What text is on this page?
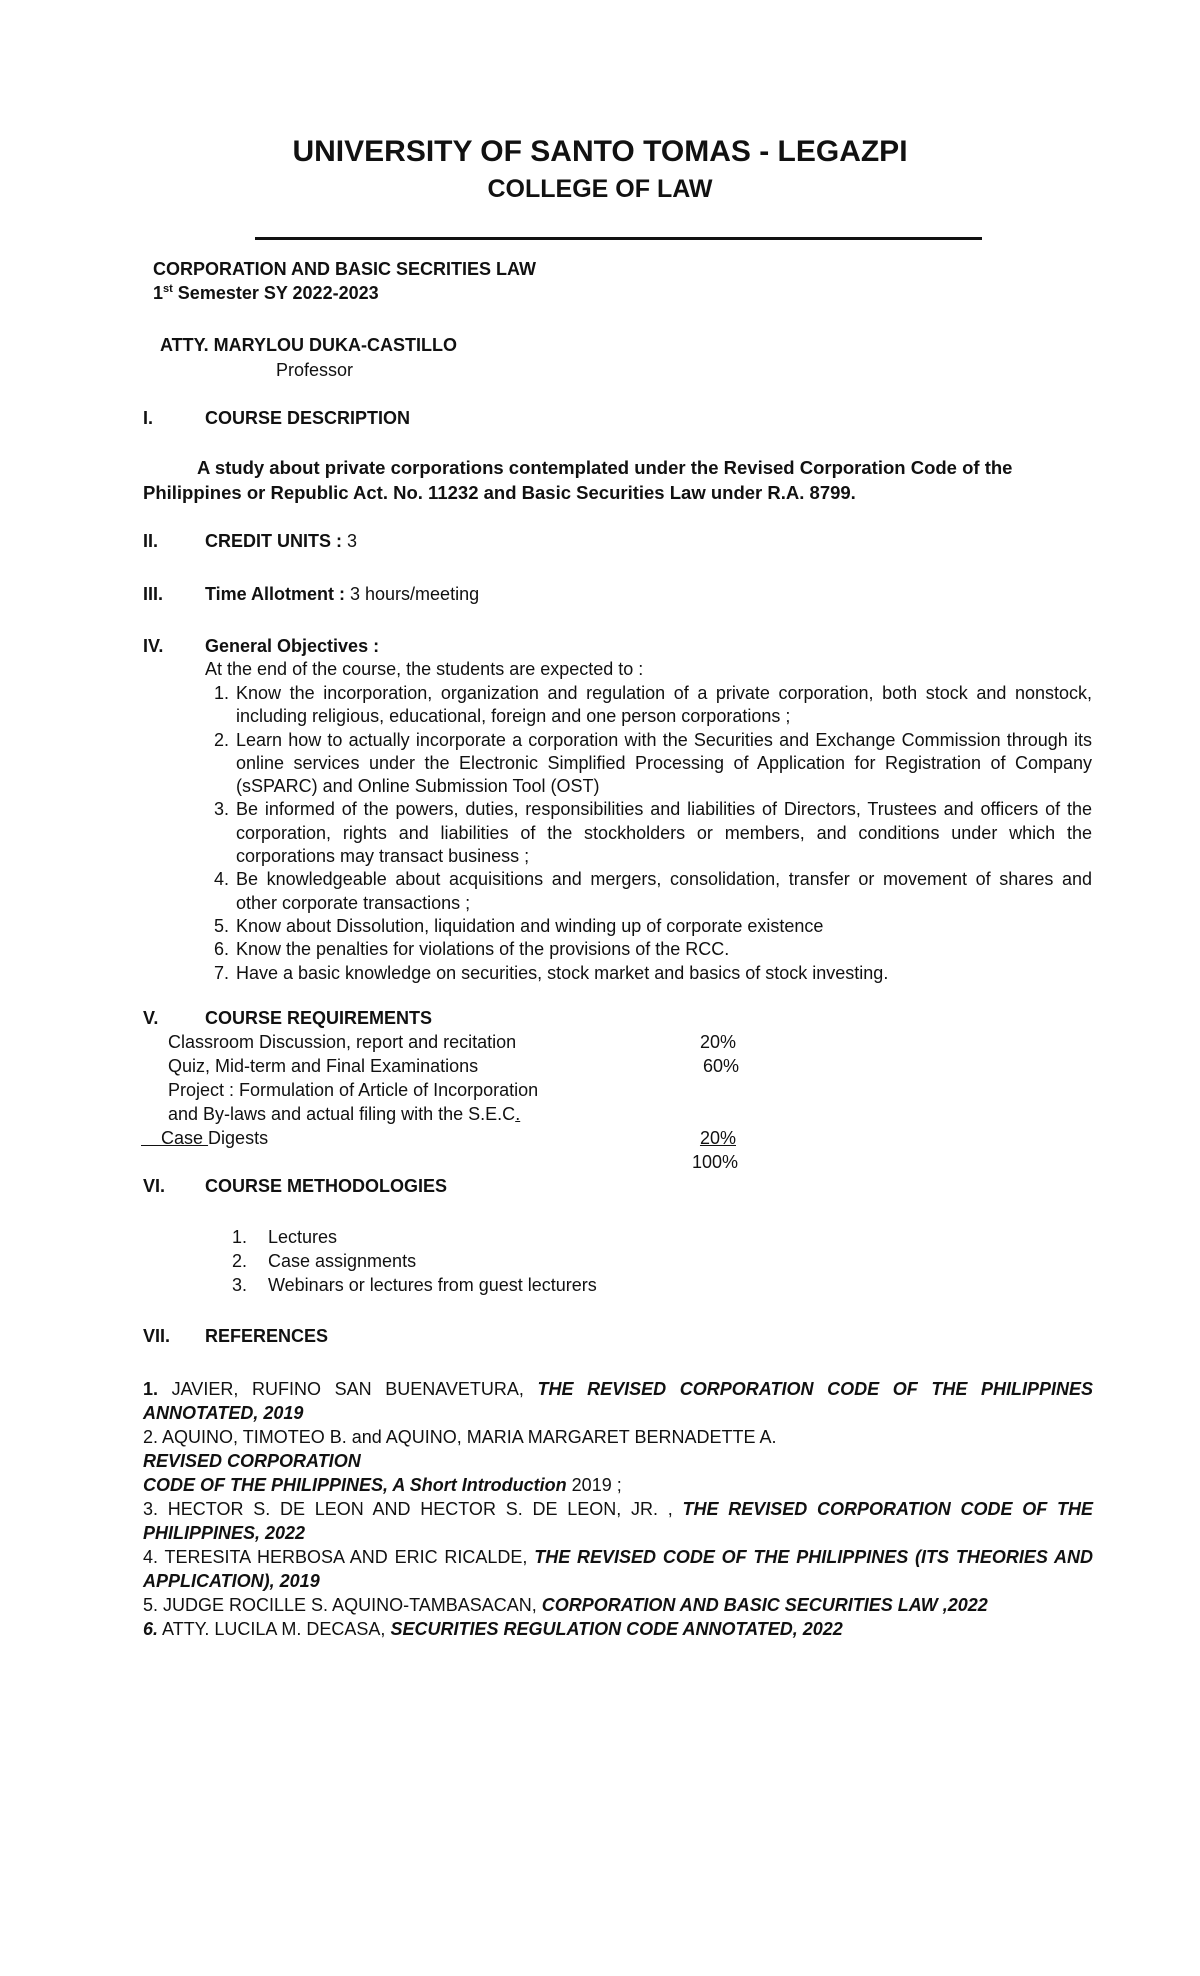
UNIVERSITY OF SANTO TOMAS - LEGAZPI
COLLEGE OF LAW
CORPORATION AND BASIC SECRITIES LAW
1st Semester SY 2022-2023
ATTY. MARYLOU DUKA-CASTILLO
Professor
I.	COURSE DESCRIPTION
A study about private corporations contemplated under the Revised Corporation Code of the Philippines or Republic Act. No. 11232 and Basic Securities Law under R.A. 8799.
II.	CREDIT UNITS : 3
III. Time Allotment : 3 hours/meeting
IV. General Objectives :
At the end of the course, the students are expected to :
1. Know the incorporation, organization and regulation of a private corporation, both stock and nonstock, including religious, educational, foreign and one person corporations ;
2. Learn how to actually incorporate a corporation with the Securities and Exchange Commission through its online services under the Electronic Simplified Processing of Application for Registration of Company (sSPARC) and Online Submission Tool (OST)
3. Be informed of the powers, duties, responsibilities and liabilities of Directors, Trustees and officers of the corporation, rights and liabilities of the stockholders or members, and conditions under which the corporations may transact business ;
4. Be knowledgeable about acquisitions and mergers, consolidation, transfer or movement of shares and other corporate transactions ;
5. Know about Dissolution, liquidation and winding up of corporate existence
6. Know the penalties for violations of the provisions of the RCC.
7. Have a basic knowledge on securities, stock market and basics of stock investing.
V.	COURSE REQUIREMENTS
Classroom Discussion, report and recitation	20%
Quiz, Mid-term and Final Examinations	60%
Project : Formulation of Article of Incorporation
and By-laws and actual filing with the S.E.C.
Case Digests	20%
100%
VI. COURSE METHODOLOGIES
1. Lectures
2. Case assignments
3. Webinars or lectures from guest lecturers
VII. REFERENCES

1. JAVIER, RUFINO SAN BUENAVETURA, THE REVISED CORPORATION CODE OF THE PHILIPPINES ANNOTATED, 2019

2. AQUINO, TIMOTEO B. and AQUINO, MARIA MARGARET BERNADETTE A.
REVISED CORPORATION
CODE OF THE PHILIPPINES, A Short Introduction 2019 ;

3. HECTOR S. DE LEON AND HECTOR S. DE LEON, JR. , THE REVISED CORPORATION CODE OF THE PHILIPPINES, 2022

4. TERESITA HERBOSA AND ERIC RICALDE, THE REVISED CODE OF THE PHILIPPINES (ITS THEORIES AND APPLICATION), 2019

5. JUDGE ROCILLE S. AQUINO-TAMBASACAN, CORPORATION AND BASIC SECURITIES LAW ,2022

6. ATTY. LUCILA M. DECASA, SECURITIES REGULATION CODE ANNOTATED, 2022
